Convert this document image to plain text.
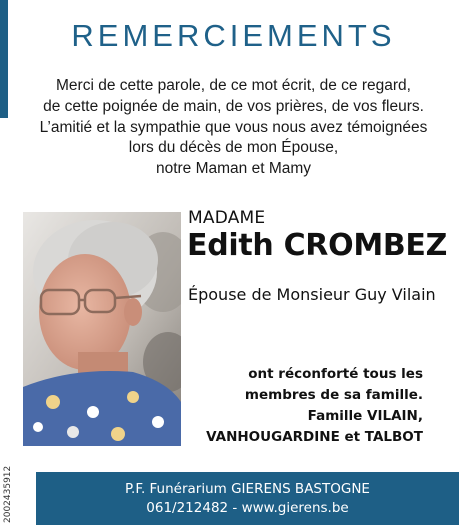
REMERCIEMENTS
Merci de cette parole, de ce mot écrit, de ce regard,
de cette poignée de main, de vos prières, de vos fleurs.
L’amitié et la sympathie que vous nous avez témoignées
lors du décès de mon Épouse,
notre Maman et Mamy
MADAME
Edith CROMBEZ
Épouse de Monsieur Guy Vilain
ont réconforté tous les
membres de sa famille.
Famille VILAIN,
VANHOUGARDINE et TALBOT
2002435912	P.F. Funérarium GIERENS BASTOGNE
061/212482 - www.gierens.be
